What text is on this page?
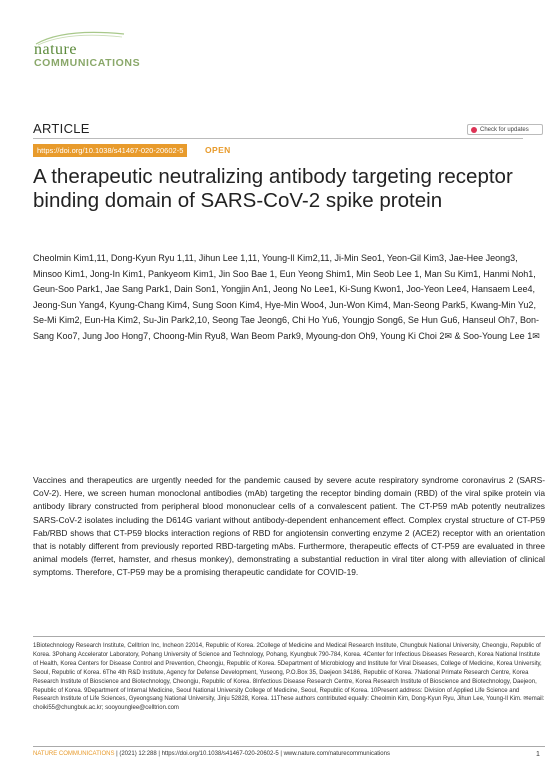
nature
COMMUNICATIONS
ARTICLE	Check for updates
https://doi.org/10.1038/s41467-020-20602-5	OPEN
A therapeutic neutralizing antibody targeting receptor binding domain of SARS-CoV-2 spike protein
Cheolmin Kim1,11, Dong-Kyun Ryu 1,11, Jihun Lee 1,11, Young-Il Kim2,11, Ji-Min Seo1, Yeon-Gil Kim3, Jae-Hee Jeong3, Minsoo Kim1, Jong-In Kim1, Pankyeom Kim1, Jin Soo Bae 1, Eun Yeong Shim1, Min Seob Lee 1, Man Su Kim1, Hanmi Noh1, Geun-Soo Park1, Jae Sang Park1, Dain Son1, Yongjin An1, Jeong No Lee1, Ki-Sung Kwon1, Joo-Yeon Lee4, Hansaem Lee4, Jeong-Sun Yang4, Kyung-Chang Kim4, Sung Soon Kim4, Hye-Min Woo4, Jun-Won Kim4, Man-Seong Park5, Kwang-Min Yu2, Se-Mi Kim2, Eun-Ha Kim2, Su-Jin Park2,10, Seong Tae Jeong6, Chi Ho Yu6, Youngjo Song6, Se Hun Gu6, Hanseul Oh7, Bon-Sang Koo7, Jung Joo Hong7, Choong-Min Ryu8, Wan Beom Park9, Myoung-don Oh9, Young Ki Choi 2✉ & Soo-Young Lee 1✉
Vaccines and therapeutics are urgently needed for the pandemic caused by severe acute respiratory syndrome coronavirus 2 (SARS-CoV-2). Here, we screen human monoclonal antibodies (mAb) targeting the receptor binding domain (RBD) of the viral spike protein via antibody library constructed from peripheral blood mononuclear cells of a convalescent patient. The CT-P59 mAb potently neutralizes SARS-CoV-2 isolates including the D614G variant without antibody-dependent enhancement effect. Complex crystal structure of CT-P59 Fab/RBD shows that CT-P59 blocks interaction regions of RBD for angiotensin converting enzyme 2 (ACE2) receptor with an orientation that is notably different from previously reported RBD-targeting mAbs. Furthermore, therapeutic effects of CT-P59 are evaluated in three animal models (ferret, hamster, and rhesus monkey), demonstrating a substantial reduction in viral titer along with alleviation of clinical symptoms. Therefore, CT-P59 may be a promising therapeutic candidate for COVID-19.
1Biotechnology Research Institute, Celltrion Inc, Incheon 22014, Republic of Korea. 2College of Medicine and Medical Research Institute, Chungbuk National University, Cheongju, Republic of Korea. 3Pohang Accelerator Laboratory, Pohang University of Science and Technology, Pohang, Kyungbuk 790-784, Korea. 4Center for Infectious Diseases Research, Korea National Institute of Health, Korea Centers for Disease Control and Prevention, Cheongju, Republic of Korea. 5Department of Microbiology and Institute for Viral Diseases, College of Medicine, Korea University, Seoul, Republic of Korea. 6The 4th R&D Institute, Agency for Defense Development, Yuseong, P.O.Box 35, Daejeon 34186, Republic of Korea. 7National Primate Research Centre, Korea Research Institute of Bioscience and Biotechnology, Cheongju, Republic of Korea. 8Infectious Disease Research Centre, Korea Research Institute of Bioscience and Biotechnology, Daejeon, Republic of Korea. 9Department of Internal Medicine, Seoul National University College of Medicine, Seoul, Republic of Korea. 10Present address: Division of Applied Life Science and Research Institute of Life Sciences, Gyeongsang National University, Jinju 52828, Korea. 11These authors contributed equally: Cheolmin Kim, Dong-Kyun Ryu, Jihun Lee, Young-Il Kim. ✉email: choiki55@chungbuk.ac.kr; sooyounglee@celltrion.com
NATURE COMMUNICATIONS | (2021) 12:288 | https://doi.org/10.1038/s41467-020-20602-5 | www.nature.com/naturecommunications	1
